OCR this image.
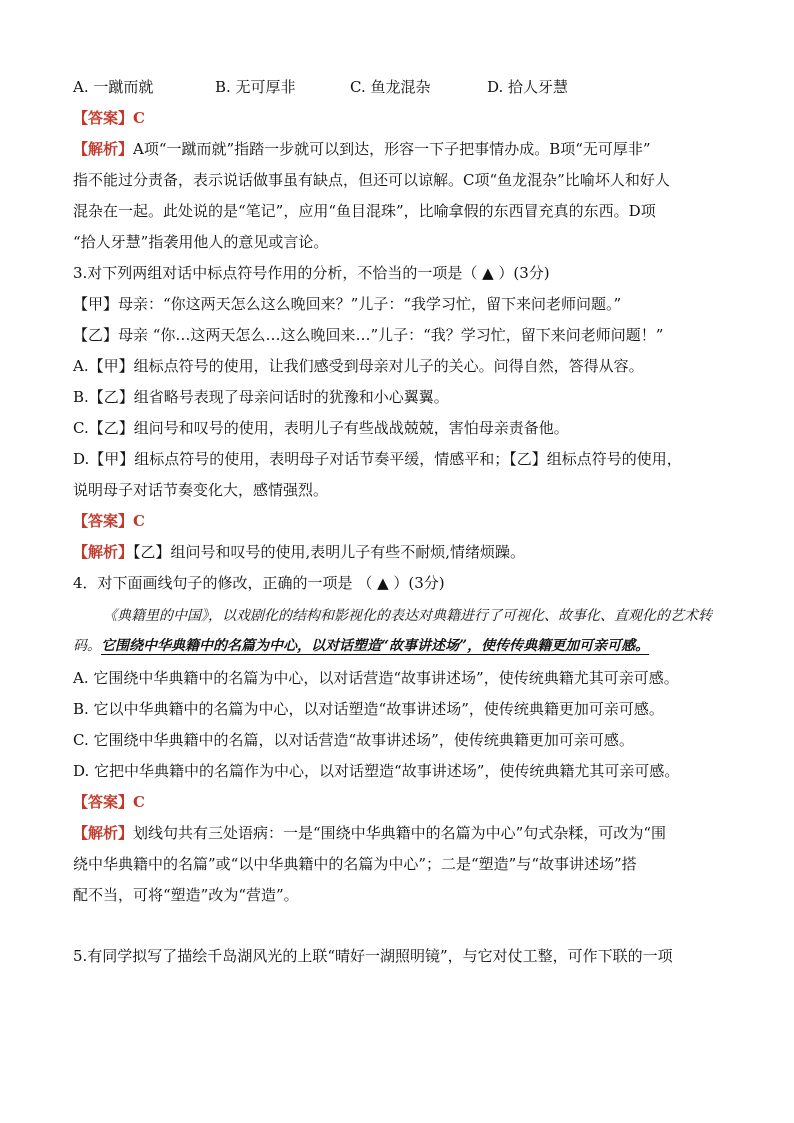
A. 一蹴而就	B. 无可厚非	C. 鱼龙混杂	D. 拾人牙慧
【答案】C
【解析】A项“一蹴而就”指踏一步就可以到达，形容一下子把事情办成。B项“无可厚非”
指不能过分责备，表示说话做事虽有缺点，但还可以谅解。C项“鱼龙混杂”比喻坏人和好人
混杂在一起。此处说的是“笔记”，应用“鱼目混珠”，比喻拿假的东西冒充真的东西。D项
“拾人牙慧”指袭用他人的意见或言论。
3.对下列两组对话中标点符号作用的分析，不恰当的一项是（ ▲ ）(3分)
【甲】母亲：“你这两天怎么这么晚回来？”儿子：“我学习忙，留下来问老师问题。”
【乙】母亲 “你…这两天怎么…这么晚回来…”儿子：“我？学习忙，留下来问老师问题！”
A.【甲】组标点符号的使用，让我们感受到母亲对儿子的关心。问得自然，答得从容。
B.【乙】组省略号表现了母亲问话时的犹豫和小心翼翼。
C.【乙】组问号和叹号的使用，表明儿子有些战战兢兢，害怕母亲责备他。
D.【甲】组标点符号的使用，表明母子对话节奏平缓，情感平和；【乙】组标点符号的使用，
说明母子对话节奏变化大，感情强烈。
【答案】C
【解析】【乙】组问号和叹号的使用,表明儿子有些不耐烦,情绪烦躁。
4．对下面画线句子的修改，正确的一项是 （ ▲ ）(3分)
《典籍里的中国》，以戏剧化的结构和影视化的表达对典籍进行了可视化、故事化、直观化的艺术转码。它围绕中华典籍中的名篇为中心，以对话塑造“故事讲述场”，使传传典籍更加可亲可感。
A. 它围绕中华典籍中的名篇为中心，以对话营造“故事讲述场”，使传统典籍尤其可亲可感。
B. 它以中华典籍中的名篇为中心，以对话塑造“故事讲述场”，使传统典籍更加可亲可感。
C. 它围绕中华典籍中的名篇，以对话营造“故事讲述场”，使传统典籍更加可亲可感。
D. 它把中华典籍中的名篇作为中心，以对话塑造“故事讲述场”，使传统典籍尤其可亲可感。
【答案】C
【解析】划线句共有三处语病：一是“围绕中华典籍中的名篇为中心”句式杂糅，可改为“围
绕中华典籍中的名篇”或“以中华典籍中的名篇为中心”；二是“塑造”与“故事讲述场”搭
配不当，可将“塑造”改为“营造”。
5.有同学拟写了描绘千岛湖风光的上联“晴好一湖照明镜”，与它对仗工整，可作下联的一项
